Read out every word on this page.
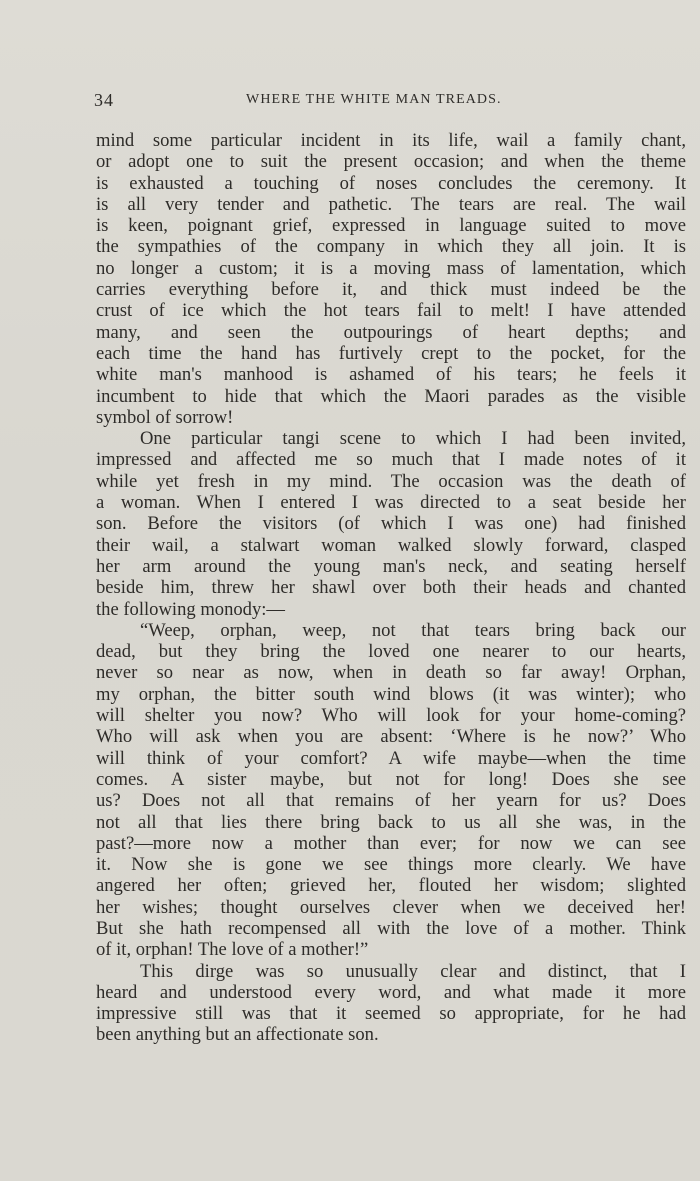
34	WHERE THE WHITE MAN TREADS.
mind some particular incident in its life, wail a family chant,
or adopt one to suit the present occasion; and when the theme
is exhausted a touching of noses concludes the ceremony. It
is all very tender and pathetic. The tears are real. The wail
is keen, poignant grief, expressed in language suited to move
the sympathies of the company in which they all join. It is
no longer a custom; it is a moving mass of lamentation, which
carries everything before it, and thick must indeed be the
crust of ice which the hot tears fail to melt! I have attended
many, and seen the outpourings of heart depths; and
each time the hand has furtively crept to the pocket, for the
white man's manhood is ashamed of his tears; he feels it
incumbent to hide that which the Maori parades as the visible
symbol of sorrow!
One particular tangi scene to which I had been invited,
impressed and affected me so much that I made notes of it
while yet fresh in my mind. The occasion was the death of
a woman. When I entered I was directed to a seat beside her
son. Before the visitors (of which I was one) had finished
their wail, a stalwart woman walked slowly forward, clasped
her arm around the young man's neck, and seating herself
beside him, threw her shawl over both their heads and chanted
the following monody:—
“Weep, orphan, weep, not that tears bring back our
dead, but they bring the loved one nearer to our hearts,
never so near as now, when in death so far away! Orphan,
my orphan, the bitter south wind blows (it was winter); who
will shelter you now? Who will look for your home-coming?
Who will ask when you are absent: ‘Where is he now?’ Who
will think of your comfort? A wife maybe—when the time
comes. A sister maybe, but not for long! Does she see
us? Does not all that remains of her yearn for us? Does
not all that lies there bring back to us all she was, in the
past?—more now a mother than ever; for now we can see
it. Now she is gone we see things more clearly. We have
angered her often; grieved her, flouted her wisdom; slighted
her wishes; thought ourselves clever when we deceived her!
But she hath recompensed all with the love of a mother. Think
of it, orphan! The love of a mother!”
This dirge was so unusually clear and distinct, that I
heard and understood every word, and what made it more
impressive still was that it seemed so appropriate, for he had
been anything but an affectionate son.
